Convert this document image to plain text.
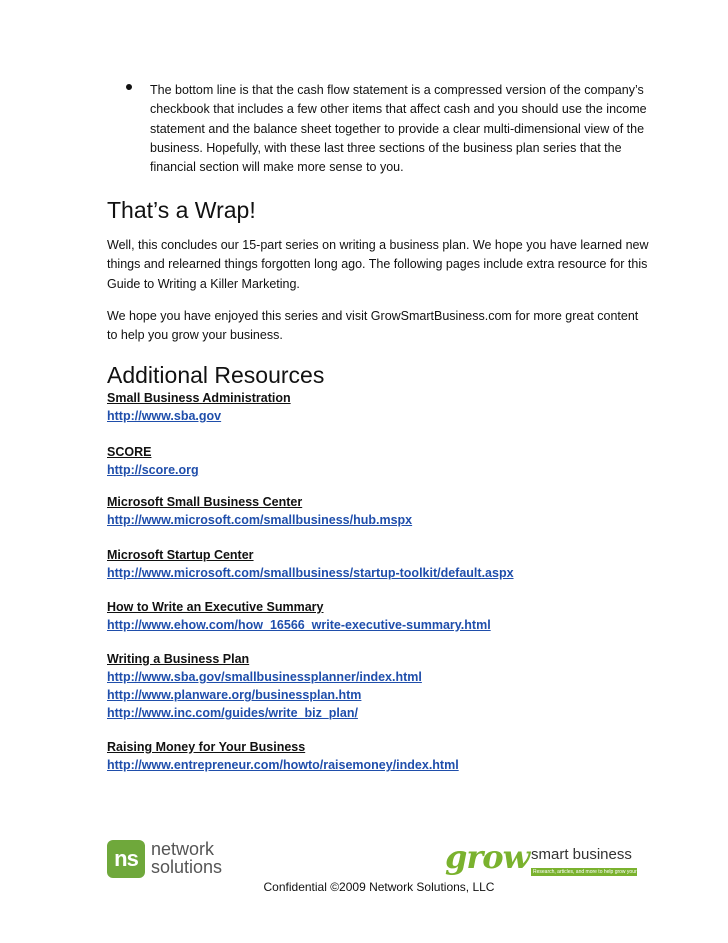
The bottom line is that the cash flow statement is a compressed version of the company’s checkbook that includes a few other items that affect cash and you should use the income statement and the balance sheet together to provide a clear multi-dimensional view of the business. Hopefully, with these last three sections of the business plan series that the financial section will make more sense to you.
That’s a Wrap!
Well, this concludes our 15-part series on writing a business plan. We hope you have learned new things and relearned things forgotten long ago. The following pages include extra resource for this Guide to Writing a Killer Marketing.
We hope you have enjoyed this series and visit GrowSmartBusiness.com for more great content to help you grow your business.
Additional Resources
Small Business Administration
http://www.sba.gov
SCORE
http://score.org
Microsoft Small Business Center
http://www.microsoft.com/smallbusiness/hub.mspx
Microsoft Startup Center
http://www.microsoft.com/smallbusiness/startup-toolkit/default.aspx
How to Write an Executive Summary
http://www.ehow.com/how_16566_write-executive-summary.html
Writing a Business Plan
http://www.sba.gov/smallbusinessplanner/index.html
http://www.planware.org/businessplan.htm
http://www.inc.com/guides/write_biz_plan/
Raising Money for Your Business
http://www.entrepreneur.com/howto/raisemoney/index.html
ns network
solutions	grow smart business
Research, articles, and more to help grow your small business.
Confidential ©2009 Network Solutions, LLC
